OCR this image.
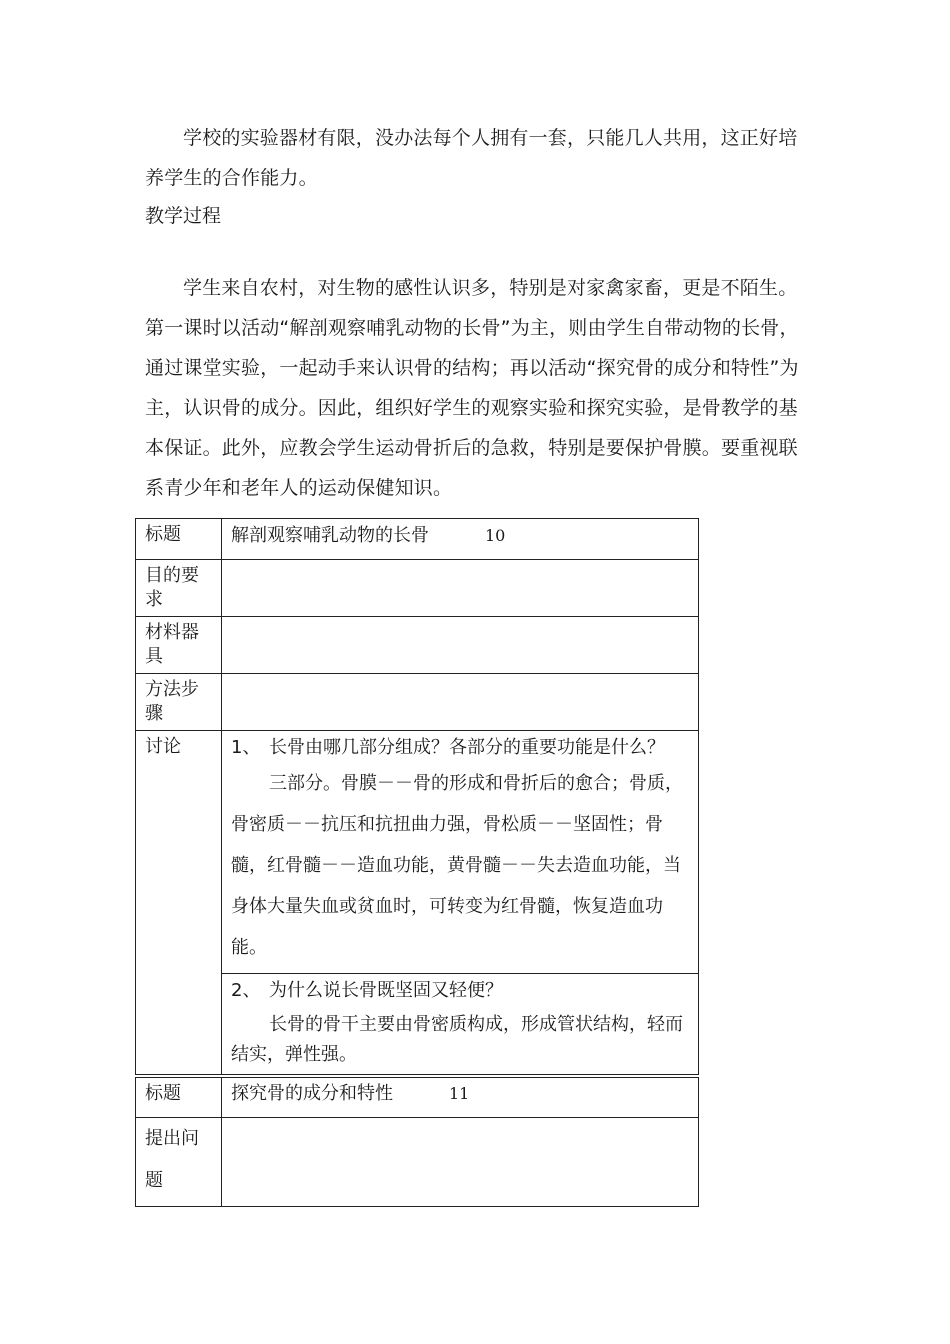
学校的实验器材有限，没办法每个人拥有一套，只能几人共用，这正好培养学生的合作能力。

教学过程

学生来自农村，对生物的感性认识多，特别是对家禽家畜，更是不陌生。第一课时以活动“解剖观察哺乳动物的长骨”为主，则由学生自带动物的长骨，通过课堂实验，一起动手来认识骨的结构；再以活动“探究骨的成分和特性”为主，认识骨的成分。因此，组织好学生的观察实验和探究实验，是骨教学的基本保证。此外，应教会学生运动骨折后的急救，特别是要保护骨膜。要重视联系青少年和老年人的运动保健知识。

标题	解剖观察哺乳动物的长骨 10
目的要求	
材料器具	
方法步骤	
讨论	1、 长骨由哪几部分组成？各部分的重要功能是什么？
三部分。骨膜－－骨的形成和骨折后的愈合；骨质，骨密质－－抗压和抗扭曲力强，骨松质－－坚固性；骨髓，红骨髓－－造血功能，黄骨髓－－失去造血功能，当身体大量失血或贫血时，可转变为红骨髓，恢复造血功能。

	2、 为什么说长骨既坚固又轻便？
长骨的骨干主要由骨密质构成，形成管状结构，轻而结实，弹性强。
标题	探究骨的成分和特性 11
提出问题	
